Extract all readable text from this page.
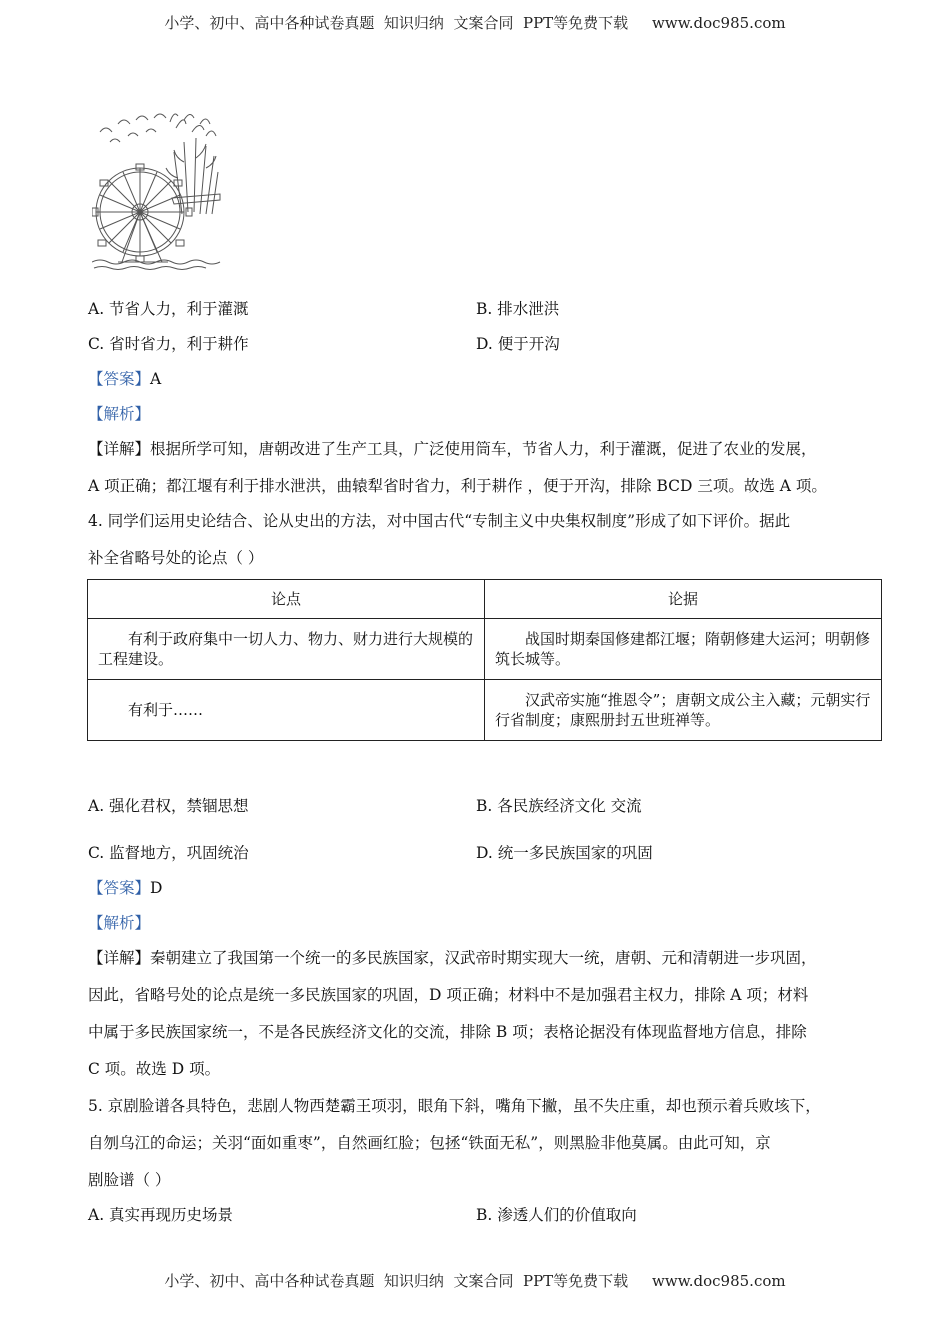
小学、初中、高中各种试卷真题  知识归纳  文案合同  PPT等免费下载     www.doc985.com
A. 节省人力，利于灌溉	B. 排水泄洪
C. 省时省力，利于耕作	D. 便于开沟
【答案】A
【解析】
【详解】根据所学可知，唐朝改进了生产工具，广泛使用筒车，节省人力，利于灌溉，促进了农业的发展，
A 项正确；都江堰有利于排水泄洪，曲辕犁省时省力，利于耕作 ，便于开沟，排除 BCD 三项。故选 A 项。
4. 同学们运用史论结合、论从史出的方法，对中国古代“专制主义中央集权制度”形成了如下评价。据此
补全省略号处的论点（ ）
论点	论据
有利于政府集中一切人力、物力、财力进行大规模的工程建设。	战国时期秦国修建都江堰；隋朝修建大运河；明朝修筑长城等。
有利于……	汉武帝实施“推恩令”；唐朝文成公主入藏；元朝实行行省制度；康熙册封五世班禅等。
A. 强化君权，禁锢思想	B. 各民族经济文化 交流
C. 监督地方，巩固统治	D. 统一多民族国家的巩固
【答案】D
【解析】
【详解】秦朝建立了我国第一个统一的多民族国家，汉武帝时期实现大一统，唐朝、元和清朝进一步巩固，
因此，省略号处的论点是统一多民族国家的巩固，D 项正确；材料中不是加强君主权力，排除 A 项；材料
中属于多民族国家统一，不是各民族经济文化的交流，排除 B 项；表格论据没有体现监督地方信息，排除
C 项。故选 D 项。
5. 京剧脸谱各具特色，悲剧人物西楚霸王项羽，眼角下斜，嘴角下撇，虽不失庄重，却也预示着兵败垓下，
自刎乌江的命运；关羽“面如重枣”，自然画红脸；包拯“铁面无私”，则黑脸非他莫属。由此可知，京
剧脸谱（ ）
A. 真实再现历史场景	B. 渗透人们的价值取向
小学、初中、高中各种试卷真题  知识归纳  文案合同  PPT等免费下载     www.doc985.com
